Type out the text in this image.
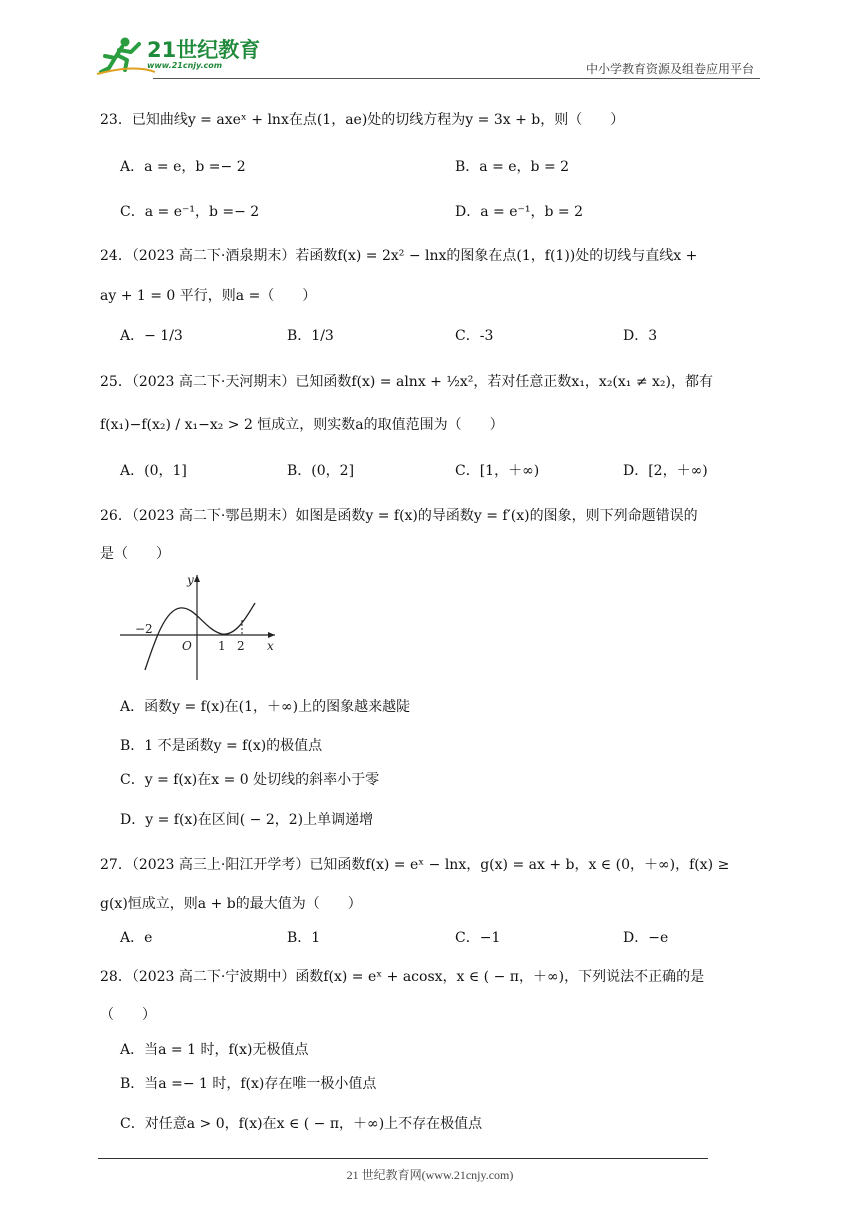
21世纪教育
www.21cnjy.com	中小学教育资源及组卷应用平台
23．已知曲线y = axeˣ + lnx在点(1，ae)处的切线方程为y = 3x + b，则（　　）
A．a = e，b =− 2	B．a = e，b = 2
C．a = e⁻¹，b =− 2	D．a = e⁻¹，b = 2
24．（2023 高二下·酒泉期末）若函数f(x) = 2x² − lnx的图象在点(1，f(1))处的切线与直线x +
ay + 1 = 0 平行，则a =（　　）
A．− 1/3	B．1/3	C．-3	D．3
25．（2023 高二下·天河期末）已知函数f(x) = alnx + ½x²，若对任意正数x₁，x₂(x₁ ≠ x₂)，都有
f(x₁)−f(x₂) / x₁−x₂ > 2 恒成立，则实数a的取值范围为（　　）
A．(0，1]	B．(0，2]	C．[1，＋∞)	D．[2，＋∞)
26．（2023 高二下·鄂邑期末）如图是函数y = f(x)的导函数y = f′(x)的图象，则下列命题错误的
是（　　）
y
x
O
−2
1 2
A．函数y = f(x)在(1，＋∞)上的图象越来越陡
B．1 不是函数y = f(x)的极值点
C．y = f(x)在x = 0 处切线的斜率小于零
D．y = f(x)在区间( − 2，2)上单调递增
27．（2023 高三上·阳江开学考）已知函数f(x) = eˣ − lnx，g(x) = ax + b，x ∈ (0，＋∞)，f(x) ≥
g(x)恒成立，则a + b的最大值为（　　）
A．e	B．1	C．−1	D．−e
28．（2023 高二下·宁波期中）函数f(x) = eˣ + acosx，x ∈ ( − π，＋∞)，下列说法不正确的是
（　　）
A．当a = 1 时，f(x)无极值点
B．当a =− 1 时，f(x)存在唯一极小值点
C．对任意a > 0，f(x)在x ∈ ( − π，＋∞)上不存在极值点
21 世纪教育网(www.21cnjy.com)
